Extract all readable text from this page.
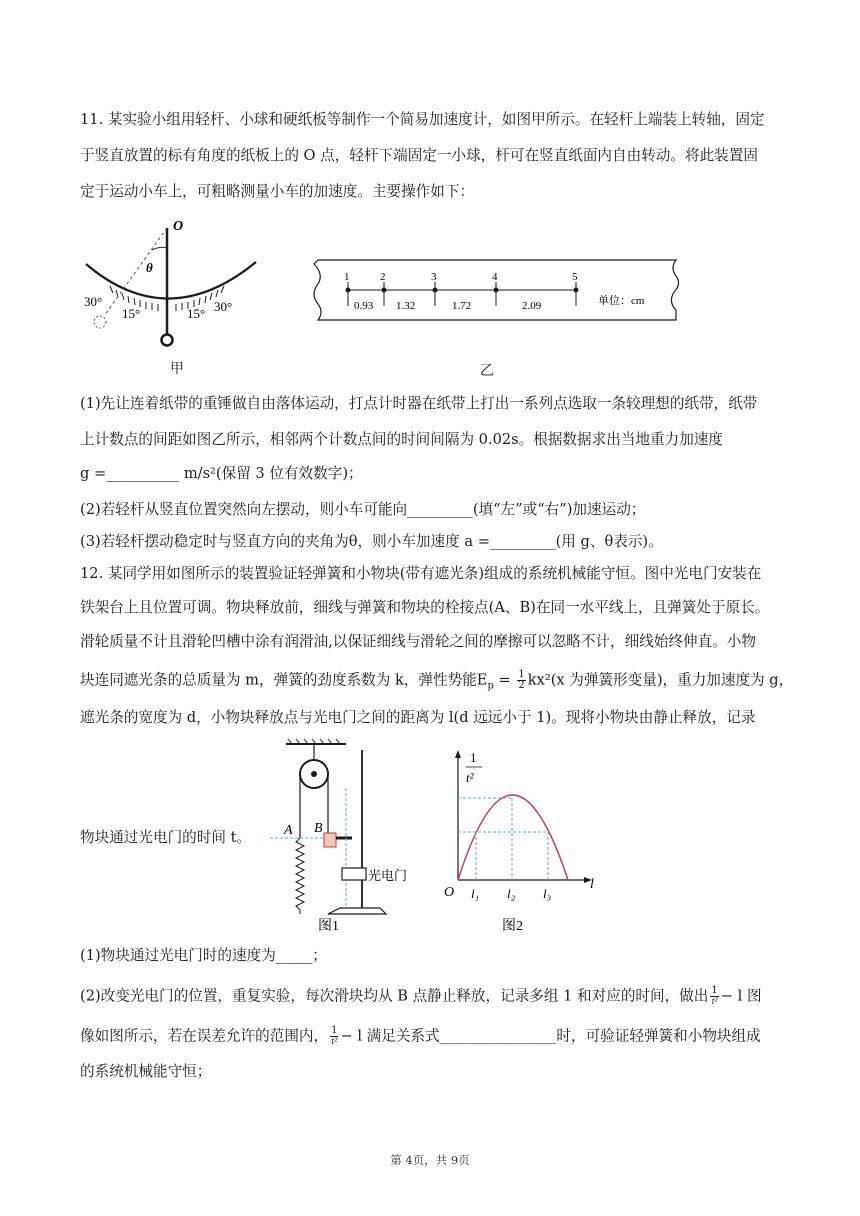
11. 某实验小组用轻杆、小球和硬纸板等制作一个简易加速度计，如图甲所示。在轻杆上端装上转轴，固定
于竖直放置的标有角度的纸板上的 O 点，轻杆下端固定一小球，杆可在竖直纸面内自由转动。将此装置固
定于运动小车上，可粗略测量小车的加速度。主要操作如下：
O
θ
30°
15°	15° 30°
甲
1	2	3	4	5
0.93 1.32	1.72	2.09	单位：cm
乙
(1)先让连着纸带的重锤做自由落体运动，打点计时器在纸带上打出一系列点选取一条较理想的纸带，纸带
上计数点的间距如图乙所示，相邻两个计数点间的时间间隔为 0.02s。根据数据求出当地重力加速度
g =__________ m/s²(保留 3 位有效数字)；
(2)若轻杆从竖直位置突然向左摆动，则小车可能向_________(填“左”或“右”)加速运动；
(3)若轻杆摆动稳定时与竖直方向的夹角为θ，则小车加速度 a =_________(用 g、θ表示)。
12. 某同学用如图所示的装置验证轻弹簧和小物块(带有遮光条)组成的系统机械能守恒。图中光电门安装在
铁架台上且位置可调。物块释放前，细线与弹簧和物块的栓接点(A、B)在同一水平线上，且弹簧处于原长。
滑轮质量不计且滑轮凹槽中涂有润滑油,以保证细线与滑轮之间的摩擦可以忽略不计，细线始终伸直。小物
块连同遮光条的总质量为 m，弹簧的劲度系数为 k，弹性势能$E_p = \frac{1}{2} kx^2(x$ 为弹簧形变量)，重力加速度为 g，
遮光条的宽度为 d，小物块释放点与光电门之间的距离为 l(d 远远小于 1)。现将小物块由静止释放，记录
物块通过光电门的时间 t。	A B
光电门
图1
1
t²
O l₁ l₂ l₃
l
图2
(1)物块通过光电门时的速度为_____；
(2)改变光电门的位置，重复实验，每次滑块均从 B 点静止释放，记录多组 1 和对应的时间，做出 $\frac{1}{\text{t²}} - l$ 图
像如图所示，若在误差允许的范围内， $\frac{1}{\text{t²}} - l$ 满足关系式________________时，可验证轻弹簧和小物块组成
的系统机械能守恒；
第 4页，共 9页
